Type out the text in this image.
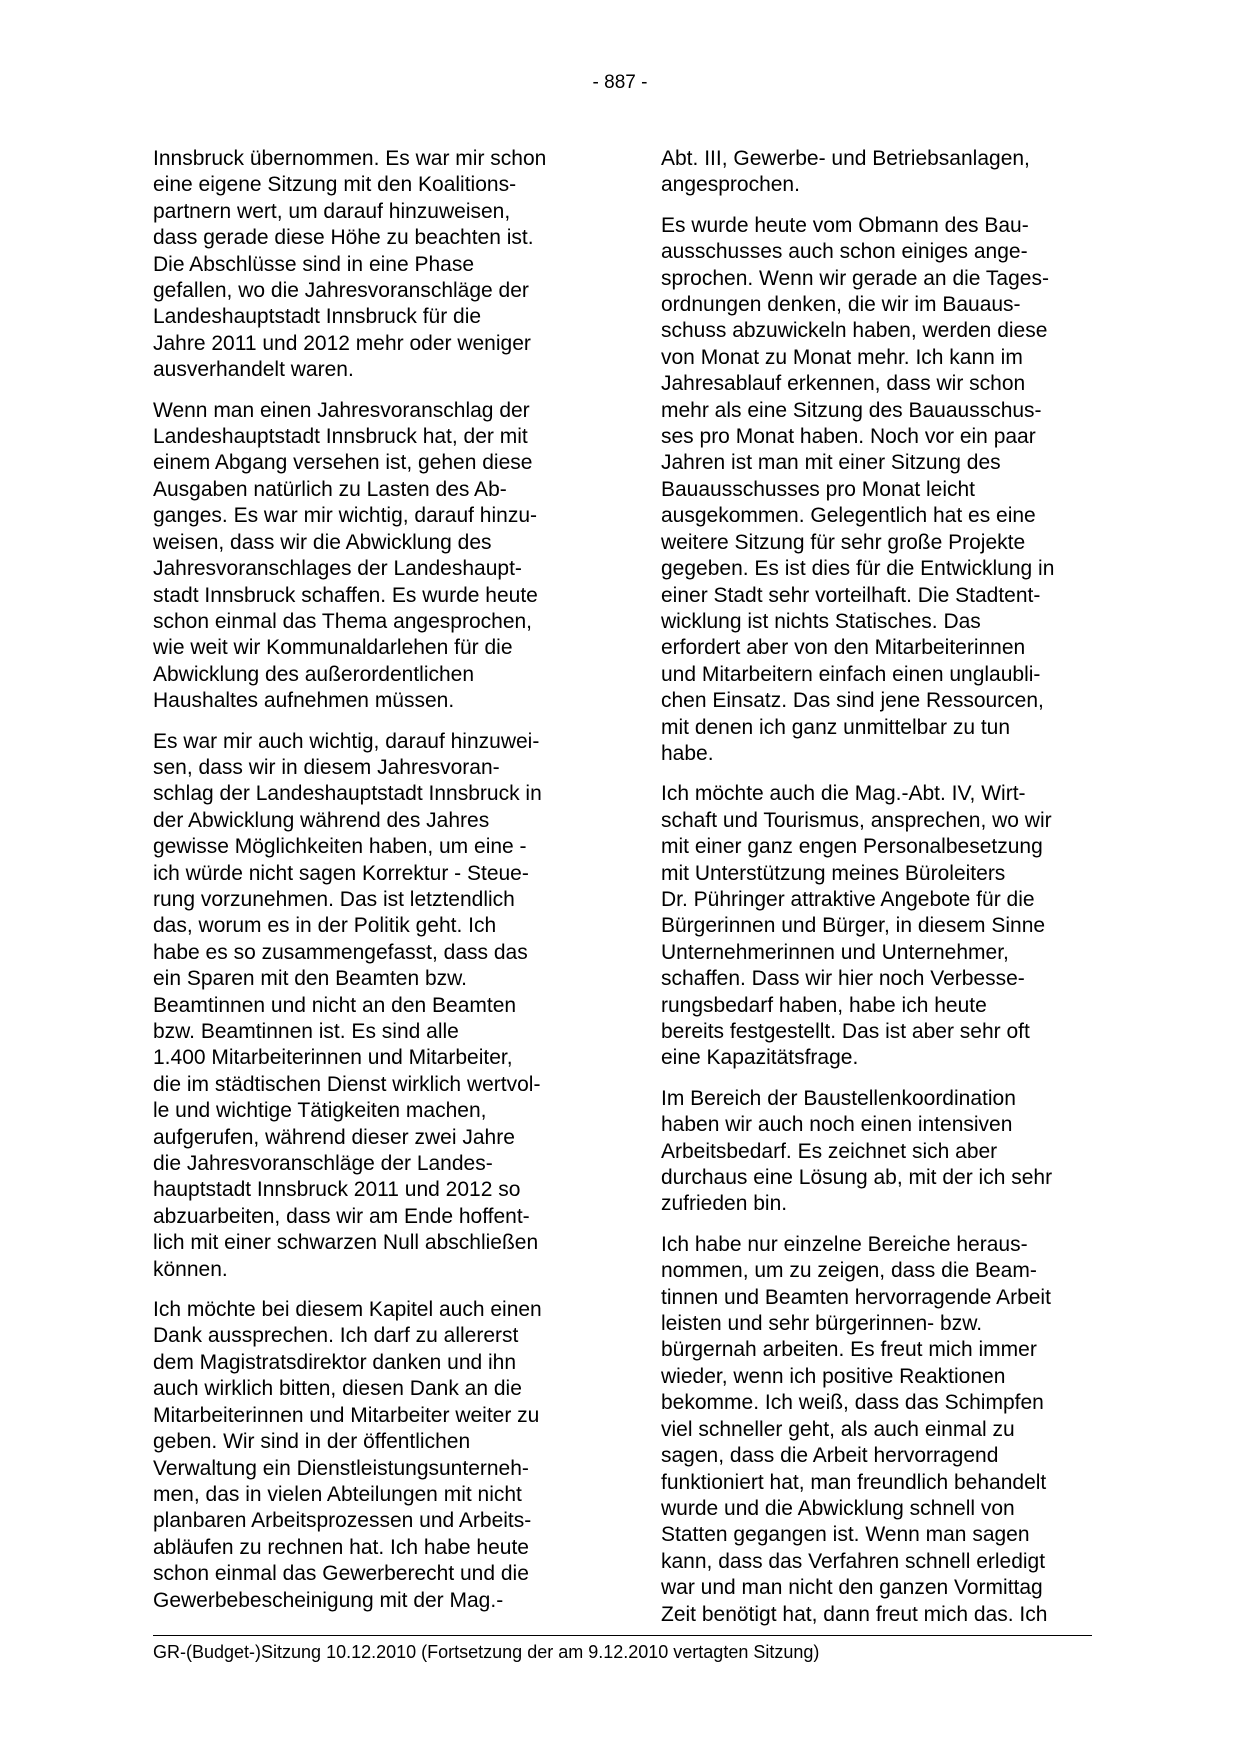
- 887 -

Innsbruck übernommen. Es war mir schon
eine eigene Sitzung mit den Koalitions-
partnern wert, um darauf hinzuweisen,
dass gerade diese Höhe zu beachten ist.
Die Abschlüsse sind in eine Phase
gefallen, wo die Jahresvoranschläge der
Landeshauptstadt Innsbruck für die
Jahre 2011 und 2012 mehr oder weniger
ausverhandelt waren.

Wenn man einen Jahresvoranschlag der
Landeshauptstadt Innsbruck hat, der mit
einem Abgang versehen ist, gehen diese
Ausgaben natürlich zu Lasten des Ab-
ganges. Es war mir wichtig, darauf hinzu-
weisen, dass wir die Abwicklung des
Jahresvoranschlages der Landeshaupt-
stadt Innsbruck schaffen. Es wurde heute
schon einmal das Thema angesprochen,
wie weit wir Kommunaldarlehen für die
Abwicklung des außerordentlichen
Haushaltes aufnehmen müssen.

Es war mir auch wichtig, darauf hinzuwei-
sen, dass wir in diesem Jahresvoran-
schlag der Landeshauptstadt Innsbruck in
der Abwicklung während des Jahres
gewisse Möglichkeiten haben, um eine -
ich würde nicht sagen Korrektur - Steue-
rung vorzunehmen. Das ist letztendlich
das, worum es in der Politik geht. Ich
habe es so zusammengefasst, dass das
ein Sparen mit den Beamten bzw.
Beamtinnen und nicht an den Beamten
bzw. Beamtinnen ist. Es sind alle
1.400 Mitarbeiterinnen und Mitarbeiter,
die im städtischen Dienst wirklich wertvol-
le und wichtige Tätigkeiten machen,
aufgerufen, während dieser zwei Jahre
die Jahresvoranschläge der Landes-
hauptstadt Innsbruck 2011 und 2012 so
abzuarbeiten, dass wir am Ende hoffent-
lich mit einer schwarzen Null abschließen
können.

Ich möchte bei diesem Kapitel auch einen
Dank aussprechen. Ich darf zu allererst
dem Magistratsdirektor danken und ihn
auch wirklich bitten, diesen Dank an die
Mitarbeiterinnen und Mitarbeiter weiter zu
geben. Wir sind in der öffentlichen
Verwaltung ein Dienstleistungsunterneh-
men, das in vielen Abteilungen mit nicht
planbaren Arbeitsprozessen und Arbeits-
abläufen zu rechnen hat. Ich habe heute
schon einmal das Gewerberecht und die
Gewerbebescheinigung mit der Mag.-

Abt. III, Gewerbe- und Betriebsanlagen,
angesprochen.

Es wurde heute vom Obmann des Bau-
ausschusses auch schon einiges ange-
sprochen. Wenn wir gerade an die Tages-
ordnungen denken, die wir im Bauaus-
schuss abzuwickeln haben, werden diese
von Monat zu Monat mehr. Ich kann im
Jahresablauf erkennen, dass wir schon
mehr als eine Sitzung des Bauausschus-
ses pro Monat haben. Noch vor ein paar
Jahren ist man mit einer Sitzung des
Bauausschusses pro Monat leicht
ausgekommen. Gelegentlich hat es eine
weitere Sitzung für sehr große Projekte
gegeben. Es ist dies für die Entwicklung in
einer Stadt sehr vorteilhaft. Die Stadtent-
wicklung ist nichts Statisches. Das
erfordert aber von den Mitarbeiterinnen
und Mitarbeitern einfach einen unglaubli-
chen Einsatz. Das sind jene Ressourcen,
mit denen ich ganz unmittelbar zu tun
habe.

Ich möchte auch die Mag.-Abt. IV, Wirt-
schaft und Tourismus, ansprechen, wo wir
mit einer ganz engen Personalbesetzung
mit Unterstützung meines Büroleiters
Dr. Pühringer attraktive Angebote für die
Bürgerinnen und Bürger, in diesem Sinne
Unternehmerinnen und Unternehmer,
schaffen. Dass wir hier noch Verbesse-
rungsbedarf haben, habe ich heute
bereits festgestellt. Das ist aber sehr oft
eine Kapazitätsfrage.

Im Bereich der Baustellenkoordination
haben wir auch noch einen intensiven
Arbeitsbedarf. Es zeichnet sich aber
durchaus eine Lösung ab, mit der ich sehr
zufrieden bin.

Ich habe nur einzelne Bereiche heraus-
nommen, um zu zeigen, dass die Beam-
tinnen und Beamten hervorragende Arbeit
leisten und sehr bürgerinnen- bzw.
bürgernah arbeiten. Es freut mich immer
wieder, wenn ich positive Reaktionen
bekomme. Ich weiß, dass das Schimpfen
viel schneller geht, als auch einmal zu
sagen, dass die Arbeit hervorragend
funktioniert hat, man freundlich behandelt
wurde und die Abwicklung schnell von
Statten gegangen ist. Wenn man sagen
kann, dass das Verfahren schnell erledigt
war und man nicht den ganzen Vormittag
Zeit benötigt hat, dann freut mich das. Ich

GR-(Budget-)Sitzung 10.12.2010 (Fortsetzung der am 9.12.2010 vertagten Sitzung)
